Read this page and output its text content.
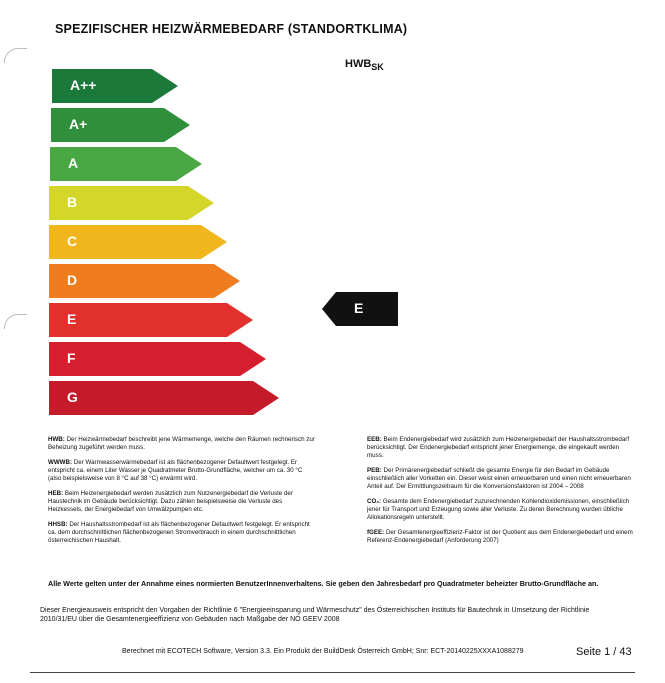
SPEZIFISCHER HEIZWÄRMEBEDARF (STANDORTKLIMA)
$HWB_{SK}$
A++
A+
A
B
C
D
E
F
G
E

HWB: Der Heizwärmebedarf beschreibt jene Wärmemenge, welche den Räumen rechnerisch zur Beheizung zugeführt werden muss.

WWWB: Der Warmwasserwärmebedarf ist als flächenbezogener Defaultwert festgelegt. Er entspricht ca. einem Liter Wasser je Quadratmeter Brutto-Grundfläche, welcher um ca. 30 °C (also beispielsweise von 8 °C auf 38 °C) erwärmt wird.

HEB: Beim Heizenergiebedarf werden zusätzlich zum Nutzenergiebedarf die Verluste der Haustechnik im Gebäude berücksichtigt. Dazu zählen beispielsweise die Verluste des Heizkessels, der Energiebedarf von Umwälzpumpen etc.

HHSB: Der Haushaltsstrombedarf ist als flächenbezogener Defaultwert festgelegt. Er entspricht ca. dem durchschnittlichen flächenbezogenen Stromverbrauch in einem durchschnittlichen österreichischen Haushalt.

EEB: Beim Endenergiebedarf wird zusätzlich zum Heizenergiebedarf der Haushaltsstrombedarf berücksichtigt. Der Endenergiebedarf entspricht jener Energiemenge, die eingekauft werden muss.

PEB: Der Primärenergiebedarf schließt die gesamte Energie für den Bedarf im Gebäude einschließlich aller Vorketten ein. Dieser weist einen erneuerbaren und einen nicht erneuerbaren Anteil auf. Der Ermittlungszeitraum für die Konversionsfaktoren ist 2004 – 2008

CO₂: Gesamte dem Endenergiebedarf zuzurechnenden Kohlendioxidemissionen, einschließlich jener für Transport und Erzeugung sowie aller Verluste. Zu deren Berechnung wurden übliche Allokationsregeln unterstellt.

fGEE: Der Gesamtenergieeffizienz-Faktor ist der Quotient aus dem Endenergiebedarf und einem Referenz-Endenergiebedarf (Anforderung 2007)

Alle Werte gelten unter der Annahme eines normierten BenutzerInnenverhaltens. Sie geben den Jahresbedarf pro Quadratmeter beheizter Brutto-Grundfläche an.
Dieser Energieausweis entspricht den Vorgaben der Richtlinie 6 "Energieeinsparung und Wärmeschutz" des Österreichischen Instituts für Bautechnik in Umsetzung der Richtlinie 2010/31/EU über die Gesamtenergieeffizienz von Gebäuden nach Maßgabe der NÖ GEEV 2008
Berechnet mit ECOTECH Software, Version 3.3. Ein Produkt der BuildDesk Österreich GmbH; Snr: ECT-20140225XXXA1088279	Seite 1 / 43
